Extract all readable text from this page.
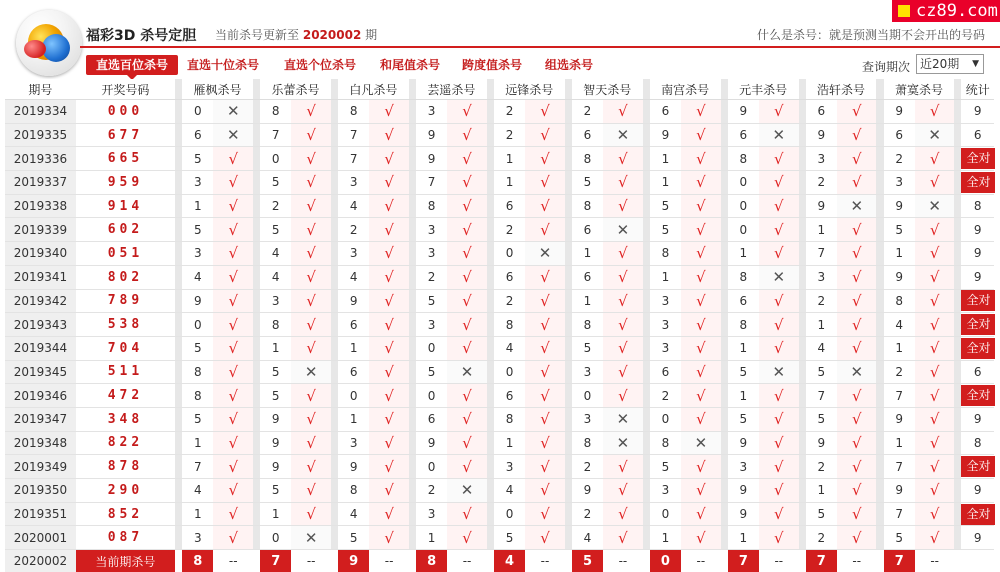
福彩3D 杀号定胆 当前杀号更新至 2020002 期	什么是杀号：就是预测当期不会开出的号码
cz89.com
直选百位杀号	直选十位杀号 直选个位杀号 和尾值杀号 跨度值杀号 组选杀号	查询期次 近20期 ▼
期号	开奖号码		雁枫杀号			乐蕾杀号			白凡杀号			芸遥杀号			远锋杀号			智天杀号			南宫杀号			元丰杀号			浩轩杀号			萧寞杀号			统计
2019334	000		0	✕		8	√		8	√		3	√		2	√		2	√		6	√		9	√		6	√		9	√		9
2019335	677		6	✕		7	√		7	√		9	√		2	√		6	✕		9	√		6	✕		9	√		6	✕		6
2019336	665		5	√		0	√		7	√		9	√		1	√		8	√		1	√		8	√		3	√		2	√		全对
2019337	959		3	√		5	√		3	√		7	√		1	√		5	√		1	√		0	√		2	√		3	√		全对
2019338	914		1	√		2	√		4	√		8	√		6	√		8	√		5	√		0	√		9	✕		9	✕		8
2019339	602		5	√		5	√		2	√		3	√		2	√		6	✕		5	√		0	√		1	√		5	√		9
2019340	051		3	√		4	√		3	√		3	√		0	✕		1	√		8	√		1	√		7	√		1	√		9
2019341	802		4	√		4	√		4	√		2	√		6	√		6	√		1	√		8	✕		3	√		9	√		9
2019342	789		9	√		3	√		9	√		5	√		2	√		1	√		3	√		6	√		2	√		8	√		全对
2019343	538		0	√		8	√		6	√		3	√		8	√		8	√		3	√		8	√		1	√		4	√		全对
2019344	704		5	√		1	√		1	√		0	√		4	√		5	√		3	√		1	√		4	√		1	√		全对
2019345	511		8	√		5	✕		6	√		5	✕		0	√		3	√		6	√		5	✕		5	✕		2	√		6
2019346	472		8	√		5	√		0	√		0	√		6	√		0	√		2	√		1	√		7	√		7	√		全对
2019347	348		5	√		9	√		1	√		6	√		8	√		3	✕		0	√		5	√		5	√		9	√		9
2019348	822		1	√		9	√		3	√		9	√		1	√		8	✕		8	✕		9	√		9	√		1	√		8
2019349	878		7	√		9	√		9	√		0	√		3	√		2	√		5	√		3	√		2	√		7	√		全对
2019350	290		4	√		5	√		8	√		2	✕		4	√		9	√		3	√		9	√		1	√		9	√		9
2019351	852		1	√		1	√		4	√		3	√		0	√		2	√		0	√		9	√		5	√		7	√		全对
2020001	087		3	√		0	✕		5	√		1	√		5	√		4	√		1	√		1	√		2	√		5	√		9
2020002	当前期杀号		8	--		7	--		9	--		8	--		4	--		5	--		0	--		7	--		7	--		7	--		
